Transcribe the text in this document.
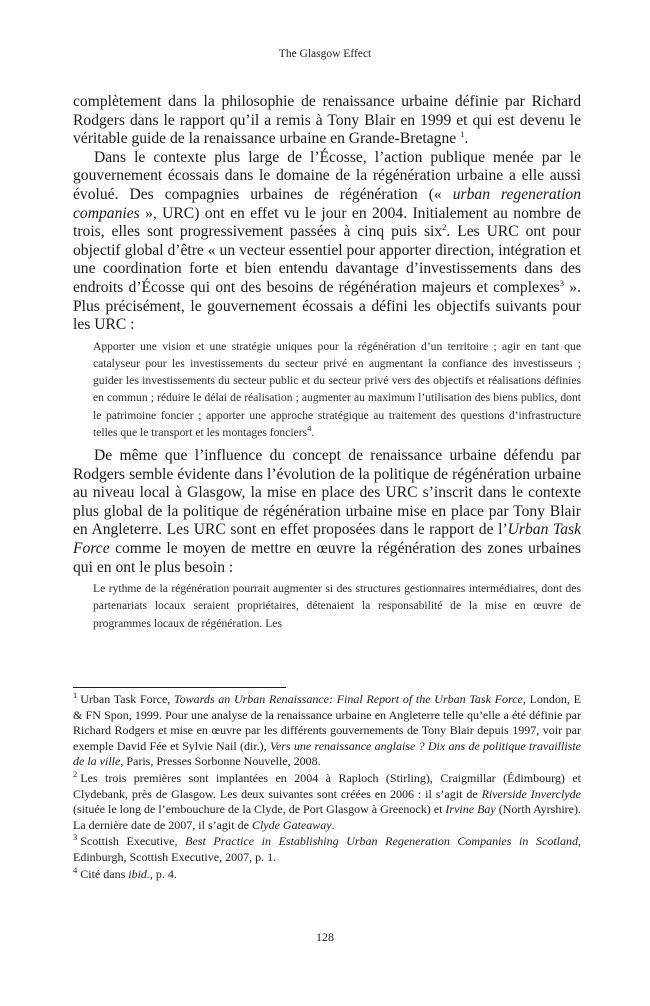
The Glasgow Effect

complètement dans la philosophie de renaissance urbaine définie par Richard Rodgers dans le rapport qu’il a remis à Tony Blair en 1999 et qui est devenu le véritable guide de la renaissance urbaine en Grande-Bretagne $^1$.

Dans le contexte plus large de l’Écosse, l’action publique menée par le gouvernement écossais dans le domaine de la régénération urbaine a elle aussi évolué. Des compagnies urbaines de régénération (« urban regeneration companies », URC) ont en effet vu le jour en 2004. Initialement au nombre de trois, elles sont progressivement passées à cinq puis six$^2$. Les URC ont pour objectif global d’être « un vecteur essentiel pour apporter direction, intégration et une coordination forte et bien entendu davantage d’investissements dans des endroits d’Écosse qui ont des besoins de régénération majeurs et complexes$^3$ ». Plus précisément, le gouvernement écossais a défini les objectifs suivants pour les URC :

Apporter une vision et une stratégie uniques pour la régénération d’un territoire ; agir en tant que catalyseur pour les investissements du secteur privé en augmentant la confiance des investisseurs ; guider les investissements du secteur public et du secteur privé vers des objectifs et réalisations définies en commun ; réduire le délai de réalisation ; augmenter au maximum l’utilisation des biens publics, dont le patrimoine foncier ; apporter une approche stratégique au traitement des questions d’infrastructure telles que le transport et les montages fonciers$^4$.

De même que l’influence du concept de renaissance urbaine défendu par Rodgers semble évidente dans l’évolution de la politique de régénération urbaine au niveau local à Glasgow, la mise en place des URC s’inscrit dans le contexte plus global de la politique de régénération urbaine mise en place par Tony Blair en Angleterre. Les URC sont en effet proposées dans le rapport de l’Urban Task Force comme le moyen de mettre en œuvre la régénération des zones urbaines qui en ont le plus besoin :

Le rythme de la régénération pourrait augmenter si des structures gestionnaires intermédiaires, dont des partenariats locaux seraient propriétaires, détenaient la responsabilité de la mise en œuvre de programmes locaux de régénération. Les

$^1$ Urban Task Force, Towards an Urban Renaissance: Final Report of the Urban Task Force, London, E & FN Spon, 1999. Pour une analyse de la renaissance urbaine en Angleterre telle qu’elle a été définie par Richard Rodgers et mise en œuvre par les différents gouvernements de Tony Blair depuis 1997, voir par exemple David Fée et Sylvie Nail (dir.), Vers une renaissance anglaise ? Dix ans de politique travailliste de la ville, Paris, Presses Sorbonne Nouvelle, 2008.

$^2$ Les trois premières sont implantées en 2004 à Raploch (Stirling), Craigmillar (Édimbourg) et Clydebank, près de Glasgow. Les deux suivantes sont créées en 2006 : il s’agit de Riverside Inverclyde (située le long de l’embouchure de la Clyde, de Port Glasgow à Greenock) et Irvine Bay (North Ayrshire). La dernière date de 2007, il s’agit de Clyde Gateaway.

$^3$ Scottish Executive, Best Practice in Establishing Urban Regeneration Companies in Scotland, Edinburgh, Scottish Executive, 2007, p. 1.

$^4$ Cité dans ibid., p. 4.

128
